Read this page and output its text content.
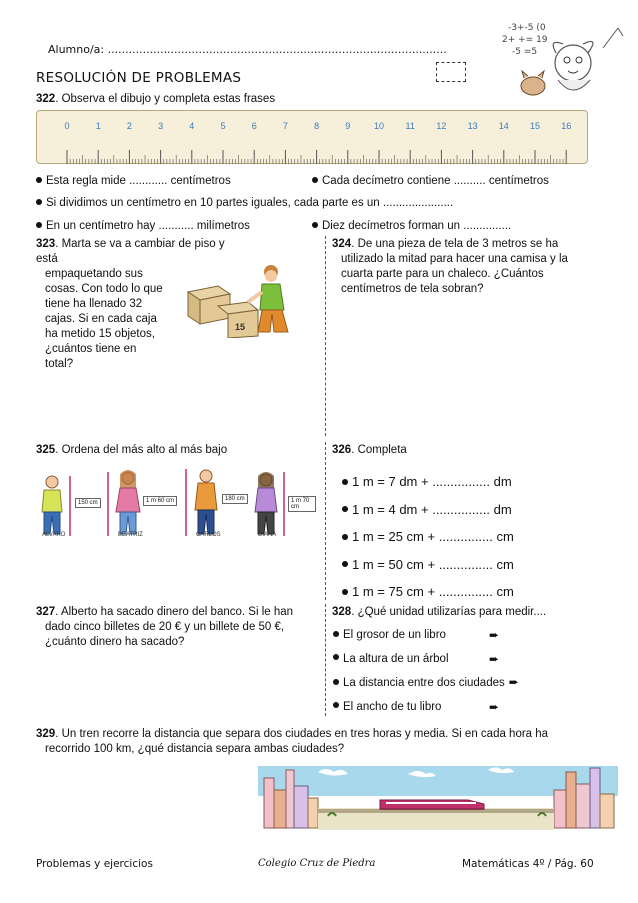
Alumno/a: .................................................................................................
-3+-5 (0
2+ += 19
-5 =5
RESOLUCIÓN DE PROBLEMAS
322. Observa el dibujo y completa estas frases
0	1	2	3	4	5	6	7	8	9	10 11 12 13 14 15 16
Esta regla mide ............ centímetros	Cada decímetro contiene .......... centímetros
Si dividimos un centímetro en 10 partes iguales, cada parte es un ......................
En un centímetro hay ........... milímetros	Diez decímetros forman un ...............
323. Marta se va a cambiar de piso y está
empaquetando sus
cosas. Con todo lo que
tiene ha llenado 32
cajas. Si en cada caja
ha metido 15 objetos,
¿cuántos tiene en
total?
15
324. De una pieza de tela de 3 metros se ha
utilizado la mitad para hacer una camisa y la
cuarta parte para un chaleco. ¿Cuántos
centímetros de tela sobran?
325. Ordena del más alto al más bajo
150 cm	1 m 60 cm	180 cm	1 m 70 cm
ÁLVARO	BEATRIZ	CARLOS	DIANA
326. Completa
1 m = 7 dm + ................ dm
1 m = 4 dm + ................ dm
1 m = 25 cm + ............... cm
1 m = 50 cm + ............... cm
1 m = 75 cm + ............... cm
327. Alberto ha sacado dinero del banco. Si le han
dado cinco billetes de 20 € y un billete de 50 €,
¿cuánto dinero ha sacado?
328. ¿Qué unidad utilizarías para medir....
El grosor de un libro	➨
La altura de un árbol	➨
La distancia entre dos ciudades ➨
El ancho de tu libro	➨
329. Un tren recorre la distancia que separa dos ciudades en tres horas y media. Si en cada hora ha
recorrido 100 km, ¿qué distancia separa ambas ciudades?
Problemas y ejercicios	Colegio Cruz de Piedra	Matemáticas 4º / Pág. 60
